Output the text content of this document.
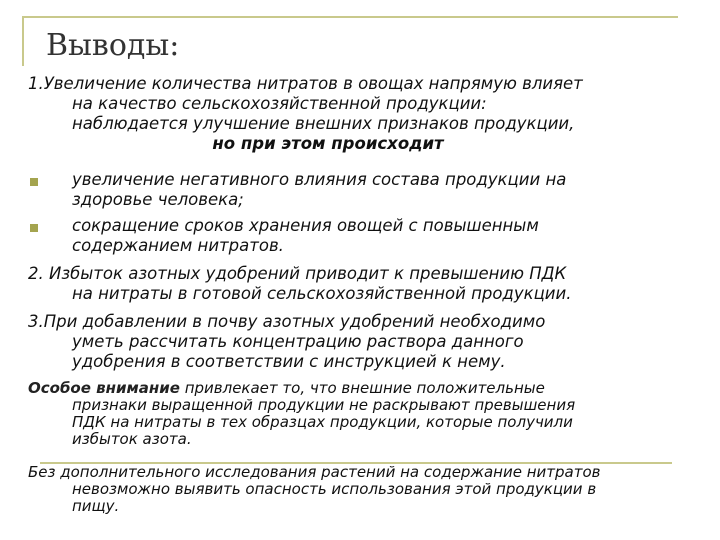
Выводы:
1.Увеличение количества нитратов в овощах напрямую влияет
на качество сельскохозяйственной продукции:
наблюдается улучшение внешних признаков продукции,
но при этом происходит
увеличение негативного влияния состава продукции на
здоровье человека;
сокращение сроков хранения овощей с повышенным
содержанием нитратов.
2. Избыток азотных удобрений приводит к превышению ПДК
на нитраты в готовой сельскохозяйственной продукции.
3.При добавлении в почву азотных удобрений необходимо
уметь рассчитать концентрацию раствора данного
удобрения в соответствии с инструкцией к нему.
Особое внимание привлекает то, что внешние положительные
признаки выращенной продукции не раскрывают превышения
ПДК на нитраты в тех образцах продукции, которые получили
избыток азота.
Без дополнительного исследования растений на содержание нитратов
невозможно выявить опасность использования этой продукции в
пищу.
